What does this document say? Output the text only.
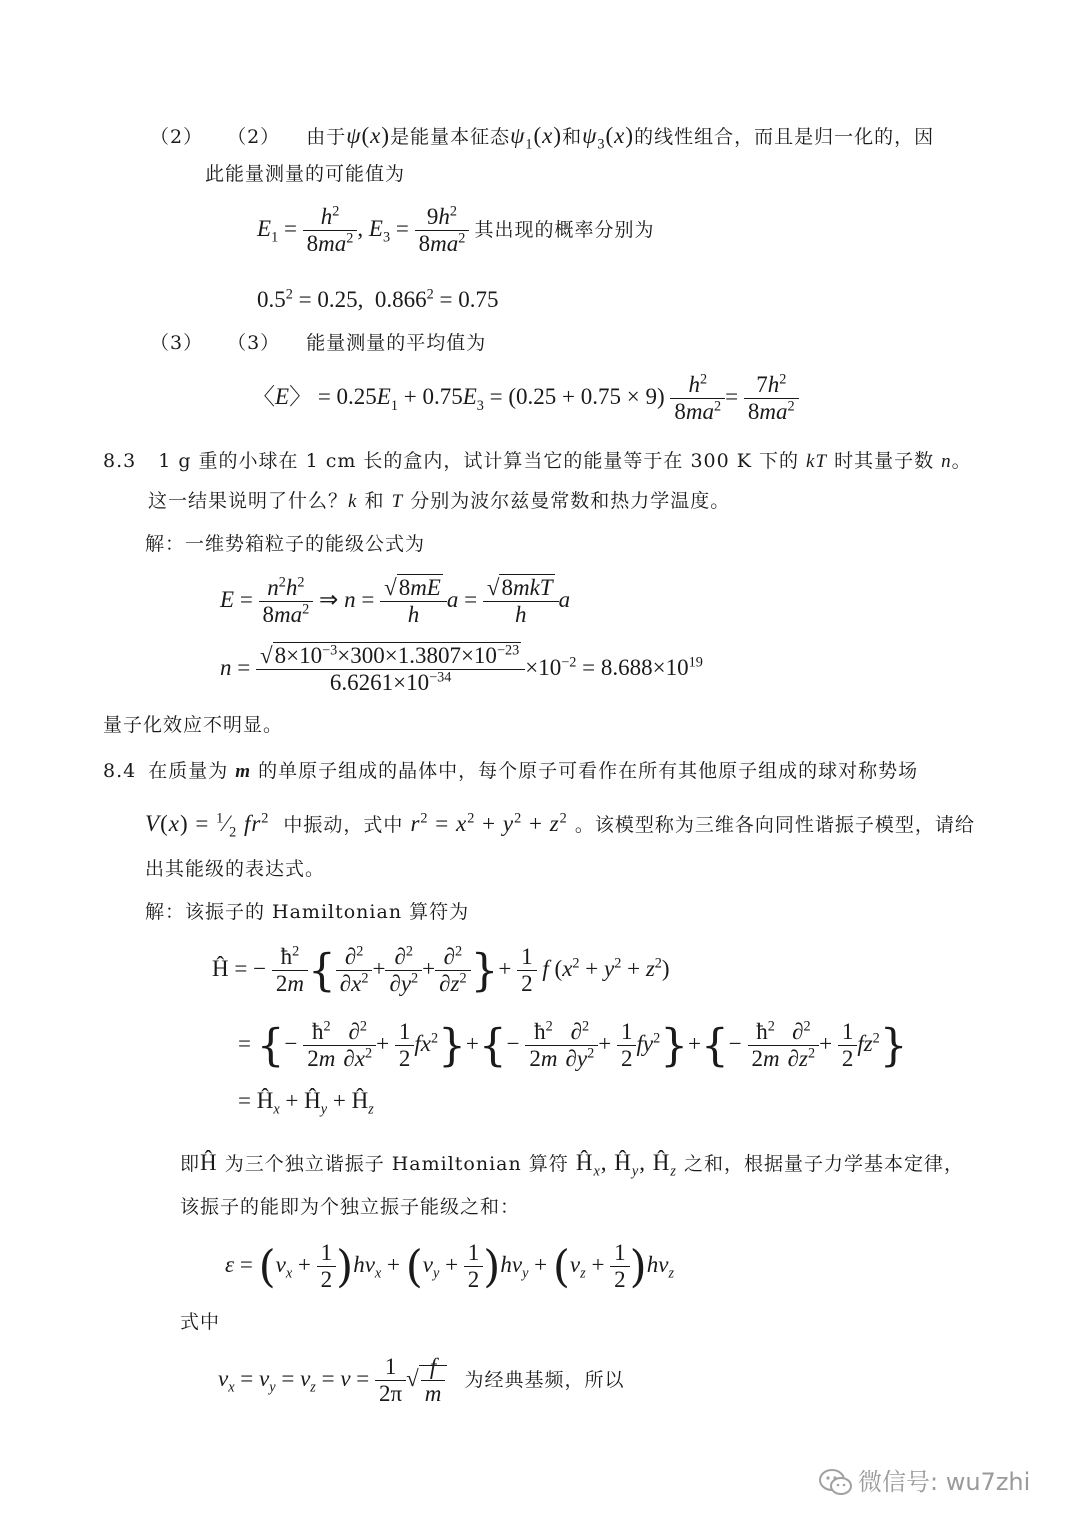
（2） （2） 由于ψ(x)是能量本征态$\psi_1(x)$和$\psi_3(x)$的线性组合，而且是归一化的，因
此能量测量的可能值为
$E_1 = \frac{h^2}{8ma^2}$ , $E_3 = \frac{9h^2}{8ma^2}$ 其出现的概率分别为
$0.5^2 = 0.25$,  $0.866^2 = 0.75$
（3） （3） 能量测量的平均值为
〈E〉 = $0.25E_1 + 0.75E_3 = (0.25 + 0.75 \times 9) \frac{h^2}{8ma^2} = \frac{7h^2}{8ma^2}$
8.3 1 g 重的小球在 1 cm 长的盒内，试计算当它的能量等于在 300 K 下的 kT 时其量子数 n。
这一结果说明了什么？k 和 T 分别为波尔兹曼常数和热力学温度。
解：一维势箱粒子的能级公式为
$E = \frac{n^2h^2}{8ma^2}$ ⇒ $n = \frac{√8mE}{h}$ $a = \frac{\text{√8mkT}}{h}$ a
$n = \frac{√8\times 10^{-3}\times 300\times 1.3807\times 10^{-23}}{6.6261\times 10^{-34}} \times 10^{-2} = 8.688\times 10^{19}$
量子化效应不明显。
8.4 在质量为 m 的单原子组成的晶体中，每个原子可看作在所有其他原子组成的球对称势场
$V(x) = ^1⁄_2$ $fr^2$ 中振动，式中 $r^2 = x^2 + y^2 + z^2$ 。该模型称为三维各向同性谐振子模型，请给
出其能级的表达式。
解：该振子的 Hamiltonian 算符为
Ĥ = − $\frac{ħ^2}{2m}$ { $\frac{\partial^2}{\partial x^2} + \frac{\partial^2}{\partial y^2} + \frac{\partial^2}{\partial z^2}$ }+ $\frac{1}{2}$ f $(x^2 + y^2 + z^2)$
= {− $\frac{ħ^2}{2m} \frac{\partial^2}{\partial x^2} + \frac{1}{2} fx^2\}+\{- \frac{ħ^2}{2m} \frac{\partial^2}{\partial y^2} + \frac{1}{2} fy^2\}+\{- \frac{ħ^2}{2m} \frac{\partial^2}{\partial z^2} + \frac{1}{2} fz^2\}$
= $Ĥ_x$ + $Ĥ_y$ + $Ĥ_z$
即Ĥ 为三个独立谐振子 Hamiltonian 算符 $Ĥ_x$, $Ĥ_y$, $Ĥ_z$ 之和，根据量子力学基本定律，
该振子的能即为个独立振子能级之和：
$\varepsilon = (v_x + \frac{1}{2} )h\nu_x + (v_y + \frac{1}{2} )h\nu_y + (v_z + \frac{1}{2} )h\nu_z$
式中
$\nu_x = \nu_y = \nu_z = \nu = \frac{1}{2\pi}$ √ $\frac{f}{m}$ 为经典基频，所以
微信号: wu7zhi
